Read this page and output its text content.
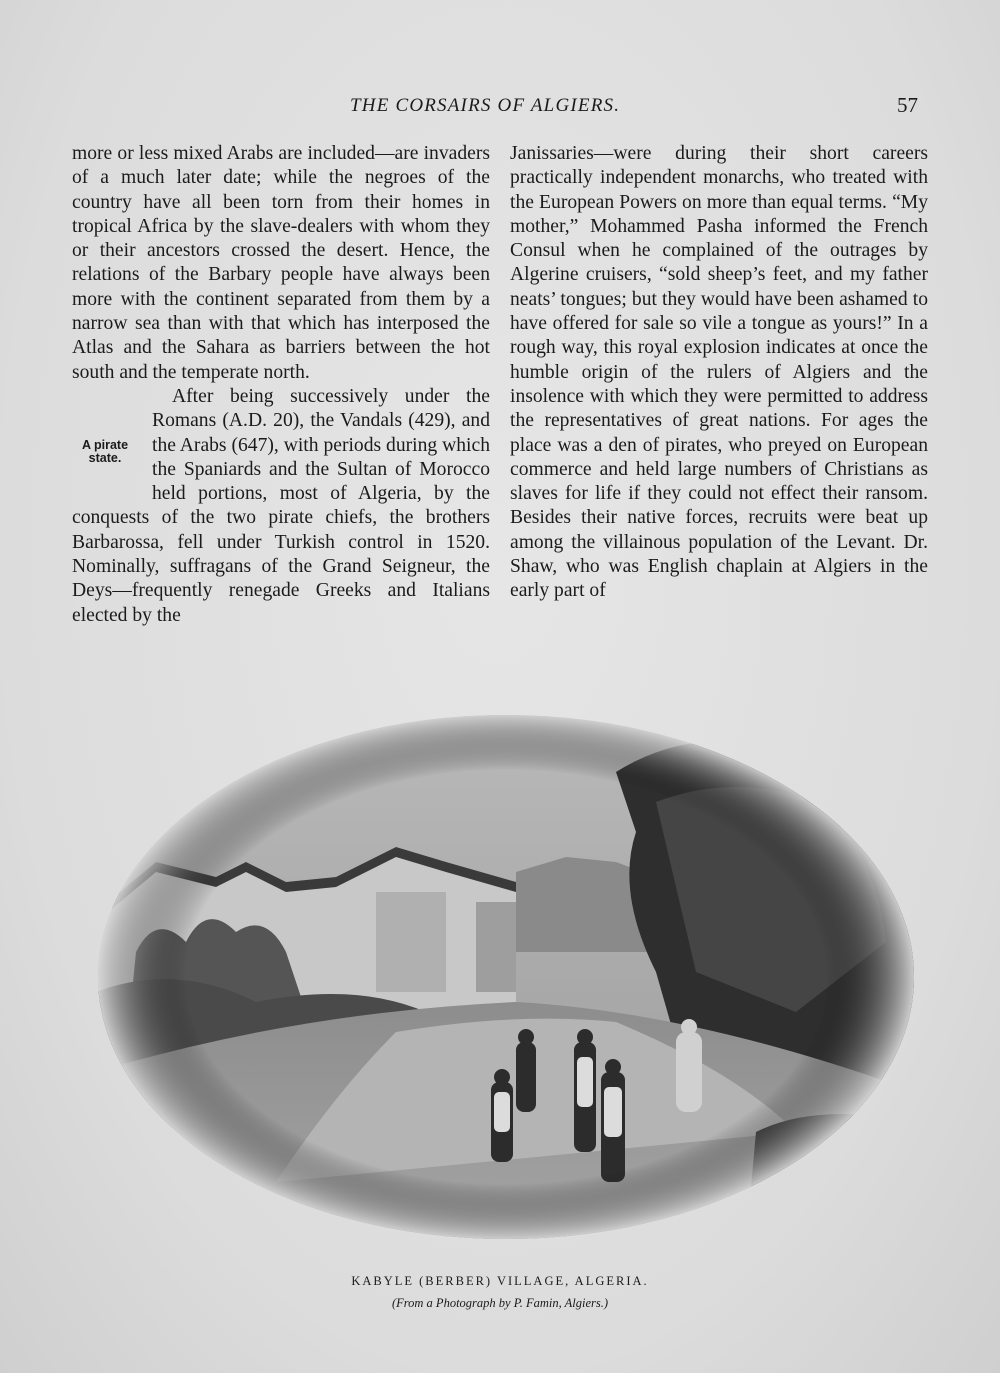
THE CORSAIRS OF ALGIERS.	57

more or less mixed Arabs are included—are invaders of a much later date; while the negroes of the country have all been torn from their homes in tropical Africa by the slave-dealers with whom they or their ancestors crossed the desert. Hence, the relations of the Barbary people have always been more with the continent separated from them by a narrow sea than with that which has interposed the Atlas and the Sahara as barriers between the hot south and the temperate north.

A pirate
state.
After being successively under the Romans (A.D. 20), the Vandals (429), and the Arabs (647), with periods during which the Spaniards and the Sultan of Morocco held portions, most of Algeria, by the conquests of the two pirate chiefs, the brothers Barbarossa, fell under Turkish control in 1520. Nominally, suffragans of the Grand Seigneur, the Deys—frequently renegade Greeks and Italians elected by the

Janissaries—were during their short careers practically independent monarchs, who treated with the European Powers on more than equal terms. “My mother,” Mohammed Pasha informed the French Consul when he complained of the outrages by Algerine cruisers, “sold sheep’s feet, and my father neats’ tongues; but they would have been ashamed to have offered for sale so vile a tongue as yours!” In a rough way, this royal explosion indicates at once the humble origin of the rulers of Algiers and the insolence with which they were permitted to address the representatives of great nations. For ages the place was a den of pirates, who preyed on European commerce and held large numbers of Christians as slaves for life if they could not effect their ransom. Besides their native forces, recruits were beat up among the villainous population of the Levant. Dr. Shaw, who was English chaplain at Algiers in the early part of

KABYLE (BERBER) VILLAGE, ALGERIA.
(From a Photograph by P. Famin, Algiers.)
